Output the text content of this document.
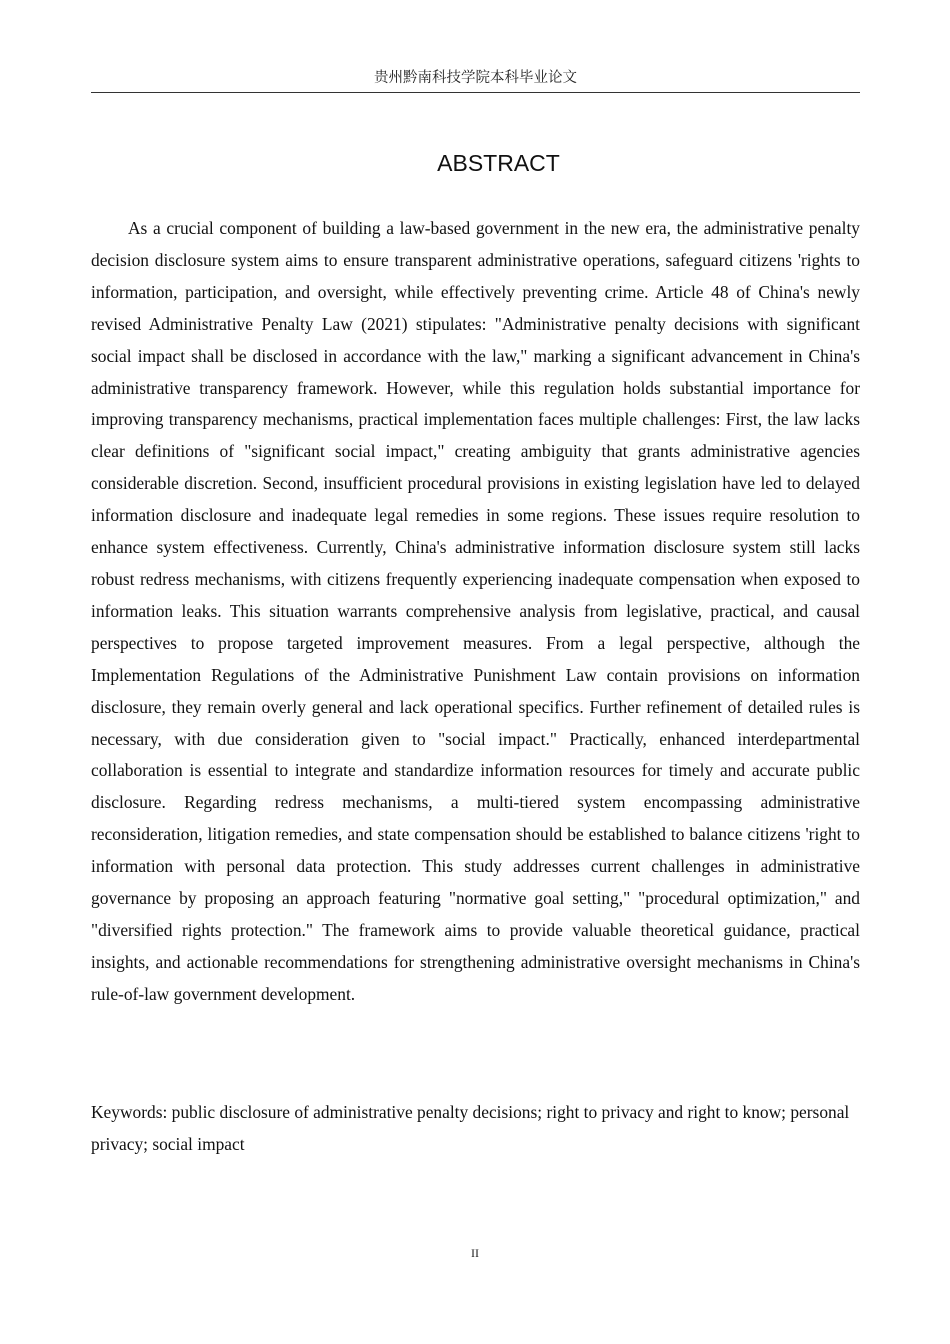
贵州黔南科技学院本科毕业论文
ABSTRACT

As a crucial component of building a law-based government in the new era, the administrative penalty decision disclosure system aims to ensure transparent administrative operations, safeguard citizens 'rights to information, participation, and oversight, while effectively preventing crime. Article 48 of China's newly revised Administrative Penalty Law (2021) stipulates: "Administrative penalty decisions with significant social impact shall be disclosed in accordance with the law," marking a significant advancement in China's administrative transparency framework. However, while this regulation holds substantial importance for improving transparency mechanisms, practical implementation faces multiple challenges: First, the law lacks clear definitions of "significant social impact," creating ambiguity that grants administrative agencies considerable discretion. Second, insufficient procedural provisions in existing legislation have led to delayed information disclosure and inadequate legal remedies in some regions. These issues require resolution to enhance system effectiveness. Currently, China's administrative information disclosure system still lacks robust redress mechanisms, with citizens frequently experiencing inadequate compensation when exposed to information leaks. This situation warrants comprehensive analysis from legislative, practical, and causal perspectives to propose targeted improvement measures. From a legal perspective, although the Implementation Regulations of the Administrative Punishment Law contain provisions on information disclosure, they remain overly general and lack operational specifics. Further refinement of detailed rules is necessary, with due consideration given to "social impact." Practically, enhanced interdepartmental collaboration is essential to integrate and standardize information resources for timely and accurate public disclosure. Regarding redress mechanisms, a multi-tiered system encompassing administrative reconsideration, litigation remedies, and state compensation should be established to balance citizens 'right to information with personal data protection. This study addresses current challenges in administrative governance by proposing an approach featuring "normative goal setting," "procedural optimization," and "diversified rights protection." The framework aims to provide valuable theoretical guidance, practical insights, and actionable recommendations for strengthening administrative oversight mechanisms in China's rule-of-law government development.

Keywords: public disclosure of administrative penalty decisions; right to privacy and right to know; personal privacy; social impact

II
